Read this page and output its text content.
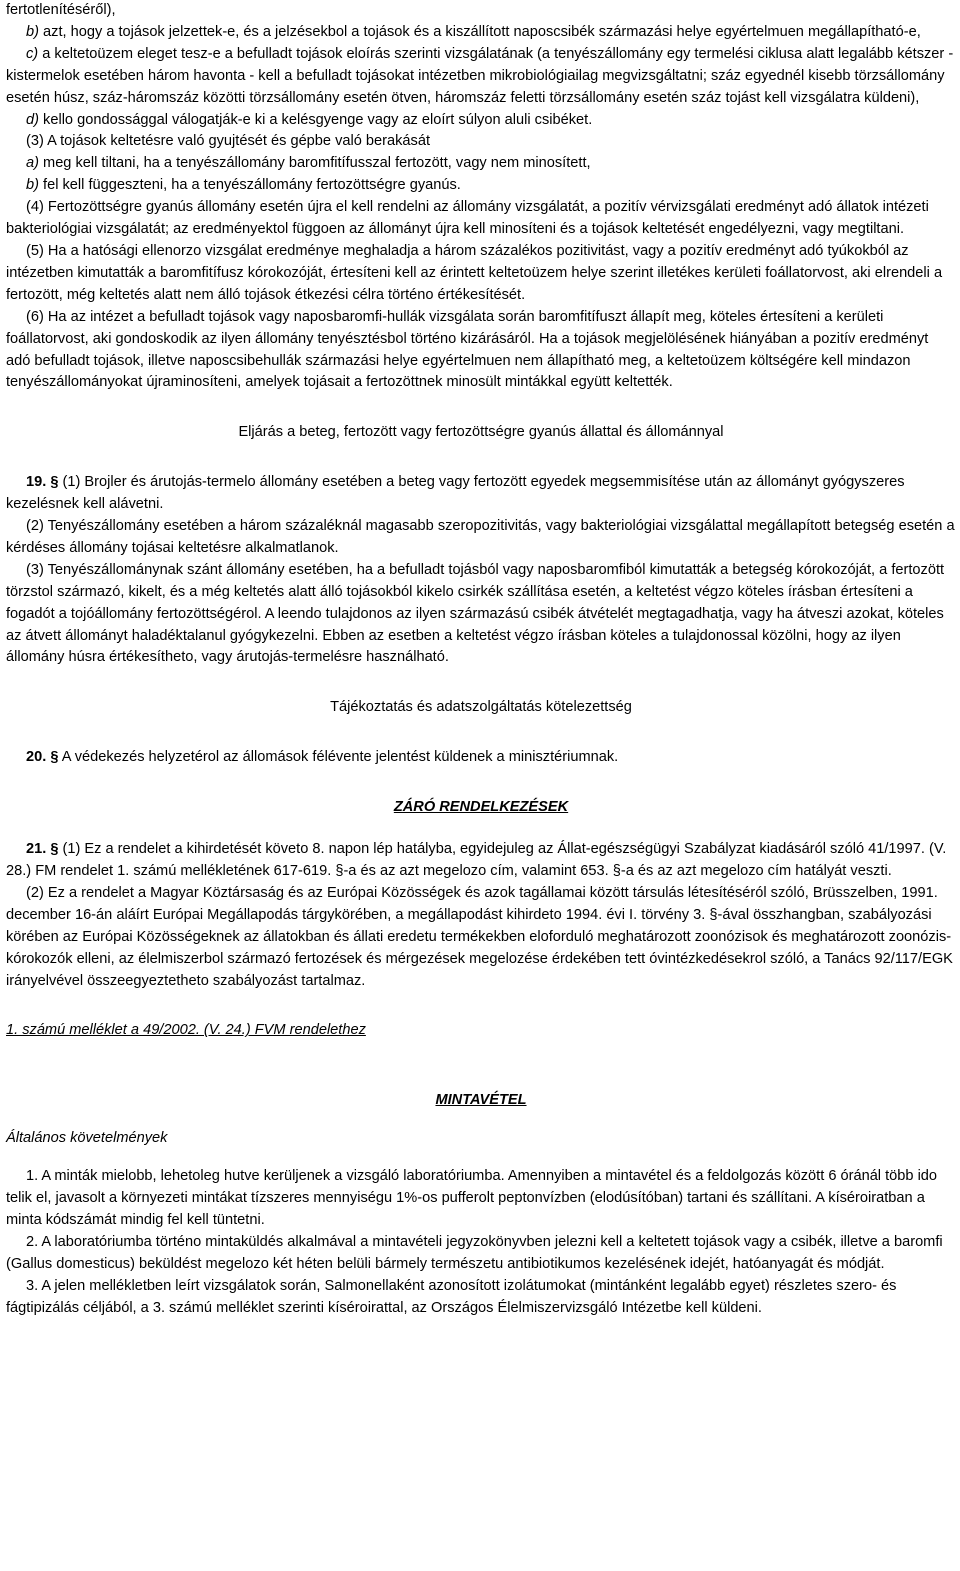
fertotlenítéséről),

b) azt, hogy a tojások jelzettek-e, és a jelzésekbol a tojások és a kiszállított naposcsibék származási helye egyértelmuen megállapítható-e,

c) a keltetoüzem eleget tesz-e a befulladt tojások eloírás szerinti vizsgálatának (a tenyészállomány egy termelési ciklusa alatt legalább kétszer - kistermelok esetében három havonta - kell a befulladt tojásokat intézetben mikrobiológiailag megvizsgáltatni; száz egyednél kisebb törzsállomány esetén húsz, száz-háromszáz közötti törzsállomány esetén ötven, háromszáz feletti törzsállomány esetén száz tojást kell vizsgálatra küldeni),

d) kello gondossággal válogatják-e ki a kelésgyenge vagy az eloírt súlyon aluli csibéket.

(3) A tojások keltetésre való gyujtését és gépbe való berakását

a) meg kell tiltani, ha a tenyészállomány baromfitífusszal fertozött, vagy nem minosített,

b) fel kell függeszteni, ha a tenyészállomány fertozöttségre gyanús.

(4) Fertozöttségre gyanús állomány esetén újra el kell rendelni az állomány vizsgálatát, a pozitív vérvizsgálati eredményt adó állatok intézeti bakteriológiai vizsgálatát; az eredményektol függoen az állományt újra kell minosíteni és a tojások keltetését engedélyezni, vagy megtiltani.

(5) Ha a hatósági ellenorzo vizsgálat eredménye meghaladja a három százalékos pozitivitást, vagy a pozitív eredményt adó tyúkokból az intézetben kimutatták a baromfitífusz kórokozóját, értesíteni kell az érintett keltetoüzem helye szerint illetékes kerületi foállatorvost, aki elrendeli a fertozött, még keltetés alatt nem álló tojások étkezési célra történo értékesítését.

(6) Ha az intézet a befulladt tojások vagy naposbaromfi-hullák vizsgálata során baromfitífuszt állapít meg, köteles értesíteni a kerületi foállatorvost, aki gondoskodik az ilyen állomány tenyésztésbol történo kizárásáról. Ha a tojások megjelölésének hiányában a pozitív eredményt adó befulladt tojások, illetve naposcsibehullák származási helye egyértelmuen nem állapítható meg, a keltetoüzem költségére kell mindazon tenyészállományokat újraminosíteni, amelyek tojásait a fertozöttnek minosült mintákkal együtt keltették.

Eljárás a beteg, fertozött vagy fertozöttségre gyanús állattal és állománnyal

19. § (1) Brojler és árutojás-termelo állomány esetében a beteg vagy fertozött egyedek megsemmisítése után az állományt gyógyszeres kezelésnek kell alávetni.

(2) Tenyészállomány esetében a három százaléknál magasabb szeropozitivitás, vagy bakteriológiai vizsgálattal megállapított betegség esetén a kérdéses állomány tojásai keltetésre alkalmatlanok.

(3) Tenyészállománynak szánt állomány esetében, ha a befulladt tojásból vagy naposbaromfiból kimutatták a betegség kórokozóját, a fertozött törzstol származó, kikelt, és a még keltetés alatt álló tojásokból kikelo csirkék szállítása esetén, a keltetést végzo köteles írásban értesíteni a fogadót a tojóállomány fertozöttségérol. A leendo tulajdonos az ilyen származású csibék átvételét megtagadhatja, vagy ha átveszi azokat, köteles az átvett állományt haladéktalanul gyógykezelni. Ebben az esetben a keltetést végzo írásban köteles a tulajdonossal közölni, hogy az ilyen állomány húsra értékesítheto, vagy árutojás-termelésre használható.

Tájékoztatás és adatszolgáltatás kötelezettség

20. § A védekezés helyzetérol az állomások félévente jelentést küldenek a minisztériumnak.

ZÁRÓ RENDELKEZÉSEK

21. § (1) Ez a rendelet a kihirdetését követo 8. napon lép hatályba, egyidejuleg az Állat-egészségügyi Szabályzat kiadásáról szóló 41/1997. (V. 28.) FM rendelet 1. számú mellékletének 617-619. §-a és az azt megelozo cím, valamint 653. §-a és az azt megelozo cím hatályát veszti.

(2) Ez a rendelet a Magyar Köztársaság és az Európai Közösségek és azok tagállamai között társulás létesítéséról szóló, Brüsszelben, 1991. december 16-án aláírt Európai Megállapodás tárgykörében, a megállapodást kihirdeto 1994. évi I. törvény 3. §-ával összhangban, szabályozási körében az Európai Közösségeknek az állatokban és állati eredetu termékekben eloforduló meghatározott zoonózisok és meghatározott zoonózis-kórokozók elleni, az élelmiszerbol származó fertozések és mérgezések megelozése érdekében tett óvintézkedésekrol szóló, a Tanács 92/117/EGK irányelvével összeegyeztetheto szabályozást tartalmaz.

1. számú melléklet a 49/2002. (V. 24.) FVM rendelethez

MINTAVÉTEL

Általános követelmények

1. A minták mielobb, lehetoleg hutve kerüljenek a vizsgáló laboratóriumba. Amennyiben a mintavétel és a feldolgozás között 6 óránál több ido telik el, javasolt a környezeti mintákat tízszeres mennyiségu 1%-os pufferolt peptonvízben (elodúsítóban) tartani és szállítani. A kíséroiratban a minta kódszámát mindig fel kell tüntetni.

2. A laboratóriumba történo mintaküldés alkalmával a mintavételi jegyzokönyvben jelezni kell a keltetett tojások vagy a csibék, illetve a baromfi (Gallus domesticus) beküldést megelozo két héten belüli bármely természetu antibiotikumos kezelésének idejét, hatóanyagát és módját.

3. A jelen mellékletben leírt vizsgálatok során, Salmonellaként azonosított izolátumokat (mintánként legalább egyet) részletes szero- és fágtipizálás céljából, a 3. számú melléklet szerinti kíséroirattal, az Országos Élelmiszervizsgáló Intézetbe kell küldeni.
